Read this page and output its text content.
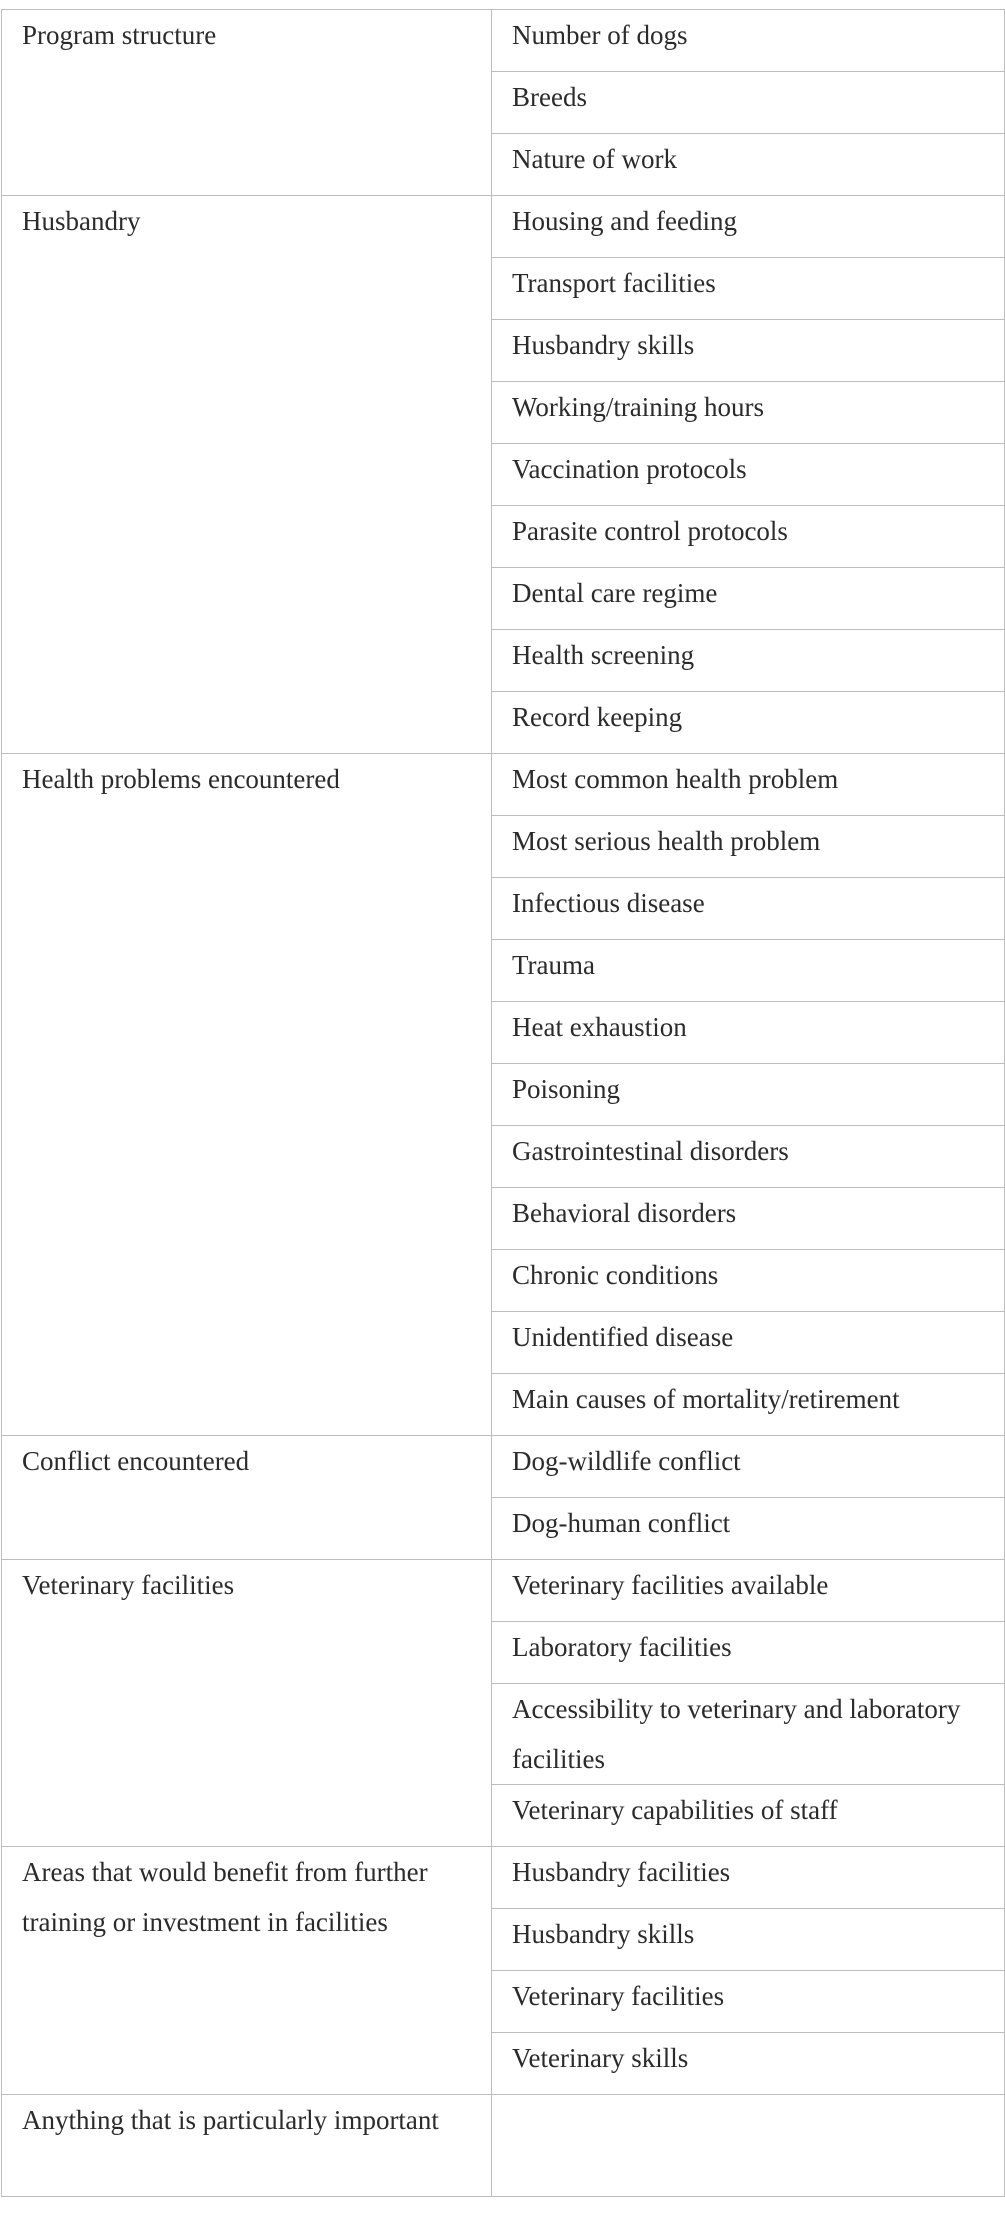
Program structure	Number of dogs
	Breeds
	Nature of work
Husbandry	Housing and feeding
	Transport facilities
	Husbandry skills
	Working/training hours
	Vaccination protocols
	Parasite control protocols
	Dental care regime
	Health screening
	Record keeping
Health problems encountered	Most common health problem
	Most serious health problem
	Infectious disease
	Trauma
	Heat exhaustion
	Poisoning
	Gastrointestinal disorders
	Behavioral disorders
	Chronic conditions
	Unidentified disease
	Main causes of mortality/retirement
Conflict encountered	Dog-wildlife conflict
	Dog-human conflict
Veterinary facilities	Veterinary facilities available
	Laboratory facilities
	Accessibility to veterinary and laboratory facilities
	Veterinary capabilities of staff
Areas that would benefit from further training or investment in facilities	Husbandry facilities
	Husbandry skills
	Veterinary facilities
	Veterinary skills
Anything that is particularly important	
